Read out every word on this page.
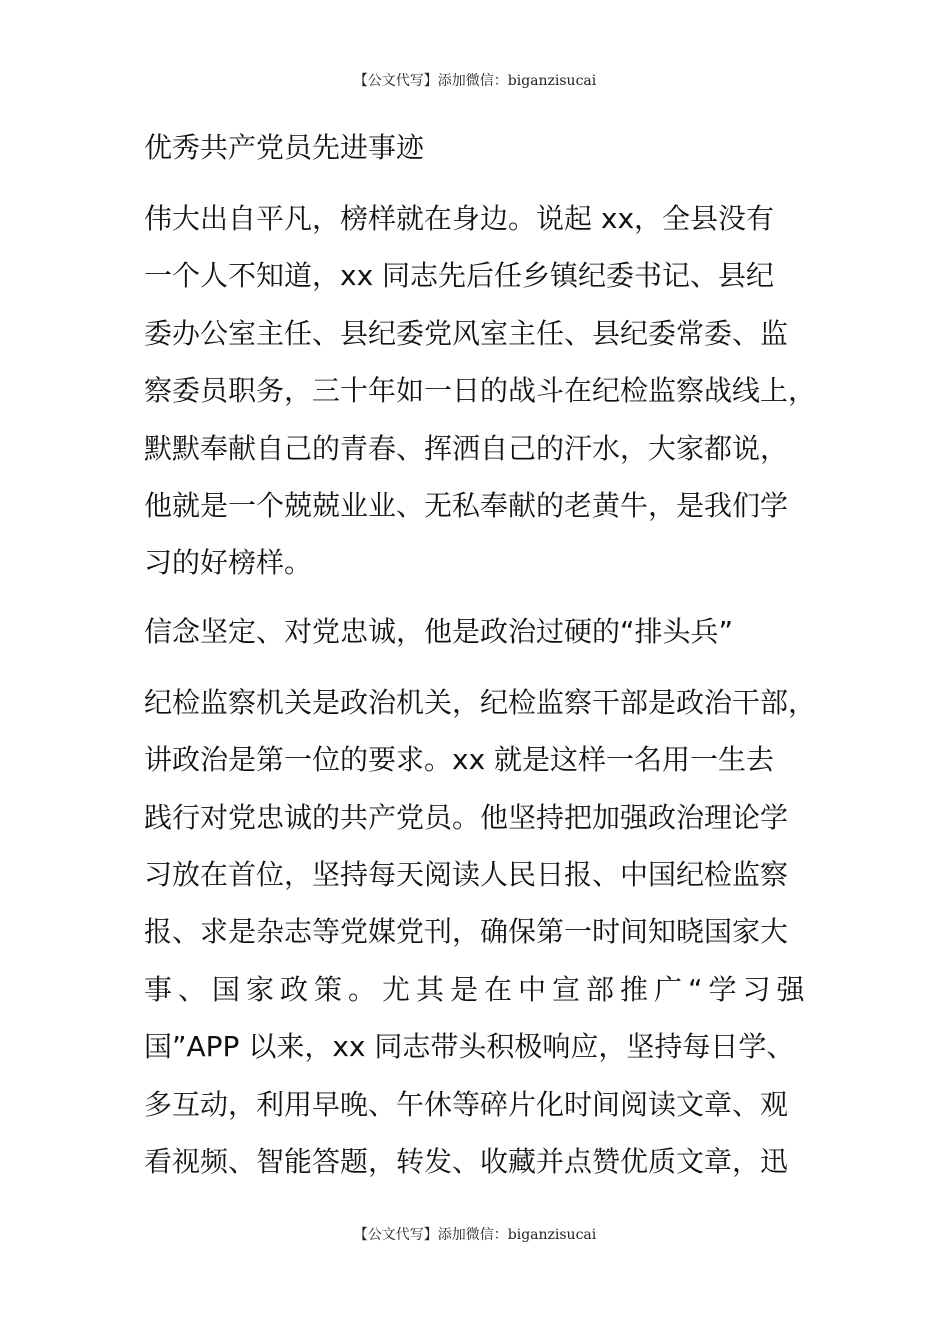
【公文代写】添加微信：biganzisucai
优秀共产党员先进事迹

伟大出自平凡，榜样就在身边。说起 xx，全县没有

一个人不知道，xx 同志先后任乡镇纪委书记、县纪

委办公室主任、县纪委党风室主任、县纪委常委、监

察委员职务，三十年如一日的战斗在纪检监察战线上，

默默奉献自己的青春、挥洒自己的汗水，大家都说，

他就是一个兢兢业业、无私奉献的老黄牛，是我们学

习的好榜样。

信念坚定、对党忠诚，他是政治过硬的“排头兵”

纪检监察机关是政治机关，纪检监察干部是政治干部，

讲政治是第一位的要求。xx 就是这样一名用一生去

践行对党忠诚的共产党员。他坚持把加强政治理论学

习放在首位，坚持每天阅读人民日报、中国纪检监察

报、求是杂志等党媒党刊，确保第一时间知晓国家大

事、国家政策。尤其是在中宣部推广“学习强

国”APP 以来，xx 同志带头积极响应，坚持每日学、

多互动，利用早晚、午休等碎片化时间阅读文章、观

看视频、智能答题，转发、收藏并点赞优质文章，迅

【公文代写】添加微信：biganzisucai
